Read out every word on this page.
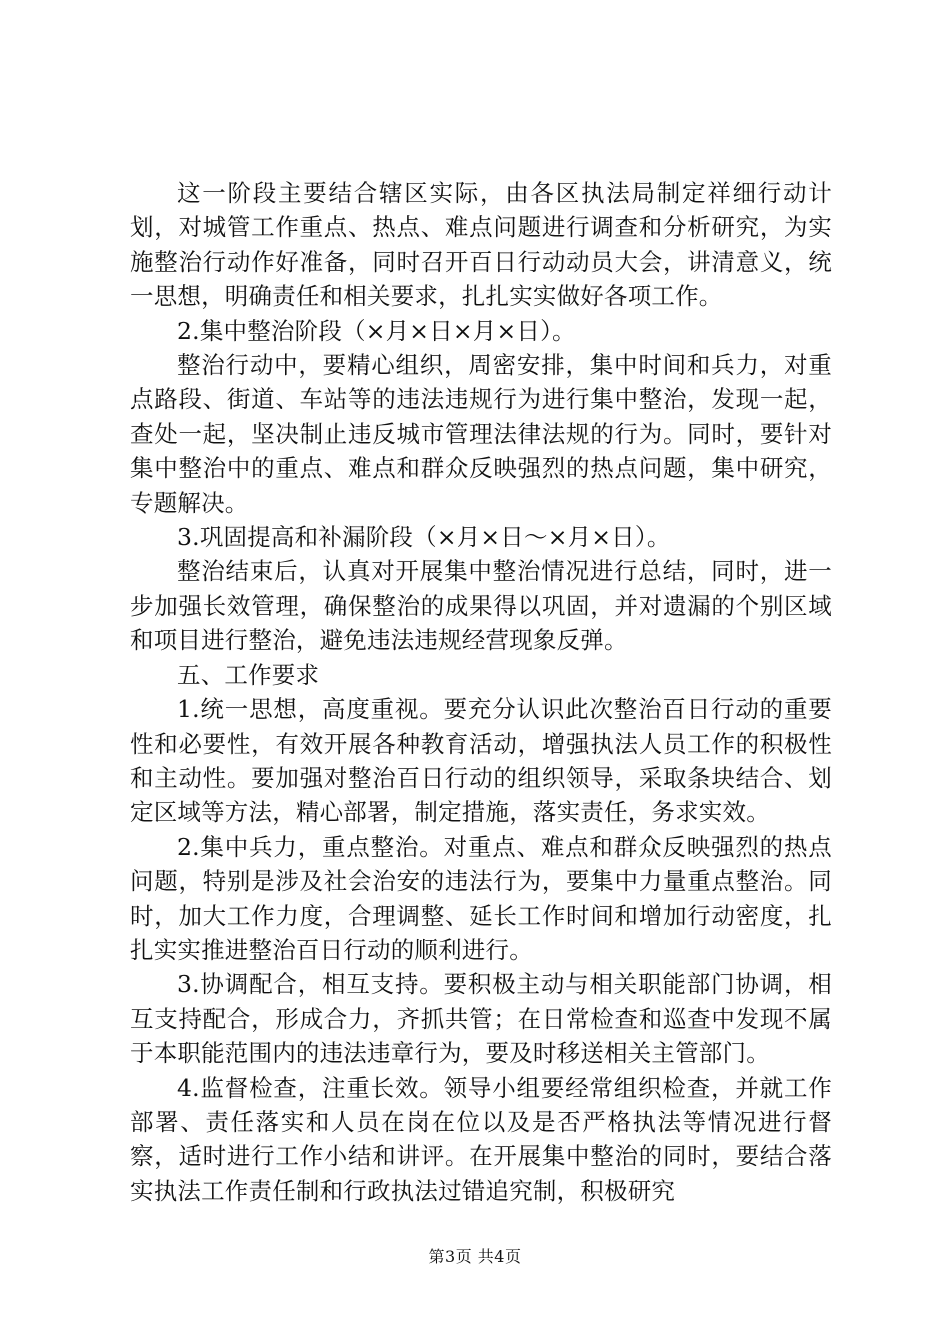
这一阶段主要结合辖区实际，由各区执法局制定祥细行动计划，对城管工作重点、热点、难点问题进行调查和分析研究，为实施整治行动作好准备，同时召开百日行动动员大会，讲清意义，统一思想，明确责任和相关要求，扎扎实实做好各项工作。

2.集中整治阶段（×月×日×月×日）。

整治行动中，要精心组织，周密安排，集中时间和兵力，对重点路段、街道、车站等的违法违规行为进行集中整治，发现一起，查处一起，坚决制止违反城市管理法律法规的行为。同时，要针对集中整治中的重点、难点和群众反映强烈的热点问题，集中研究，专题解决。

3.巩固提高和补漏阶段（×月×日～×月×日）。

整治结束后，认真对开展集中整治情况进行总结，同时，进一步加强长效管理，确保整治的成果得以巩固，并对遗漏的个别区域和项目进行整治，避免违法违规经营现象反弹。

五、工作要求

1.统一思想，高度重视。要充分认识此次整治百日行动的重要性和必要性，有效开展各种教育活动，增强执法人员工作的积极性和主动性。要加强对整治百日行动的组织领导，采取条块结合、划定区域等方法，精心部署，制定措施，落实责任，务求实效。

2.集中兵力，重点整治。对重点、难点和群众反映强烈的热点问题，特别是涉及社会治安的违法行为，要集中力量重点整治。同时，加大工作力度，合理调整、延长工作时间和增加行动密度，扎扎实实推进整治百日行动的顺利进行。

3.协调配合，相互支持。要积极主动与相关职能部门协调，相互支持配合，形成合力，齐抓共管；在日常检查和巡查中发现不属于本职能范围内的违法违章行为，要及时移送相关主管部门。

4.监督检查，注重长效。领导小组要经常组织检查，并就工作部署、责任落实和人员在岗在位以及是否严格执法等情况进行督察，适时进行工作小结和讲评。在开展集中整治的同时，要结合落实执法工作责任制和行政执法过错追究制，积极研究

第3页 共4页
